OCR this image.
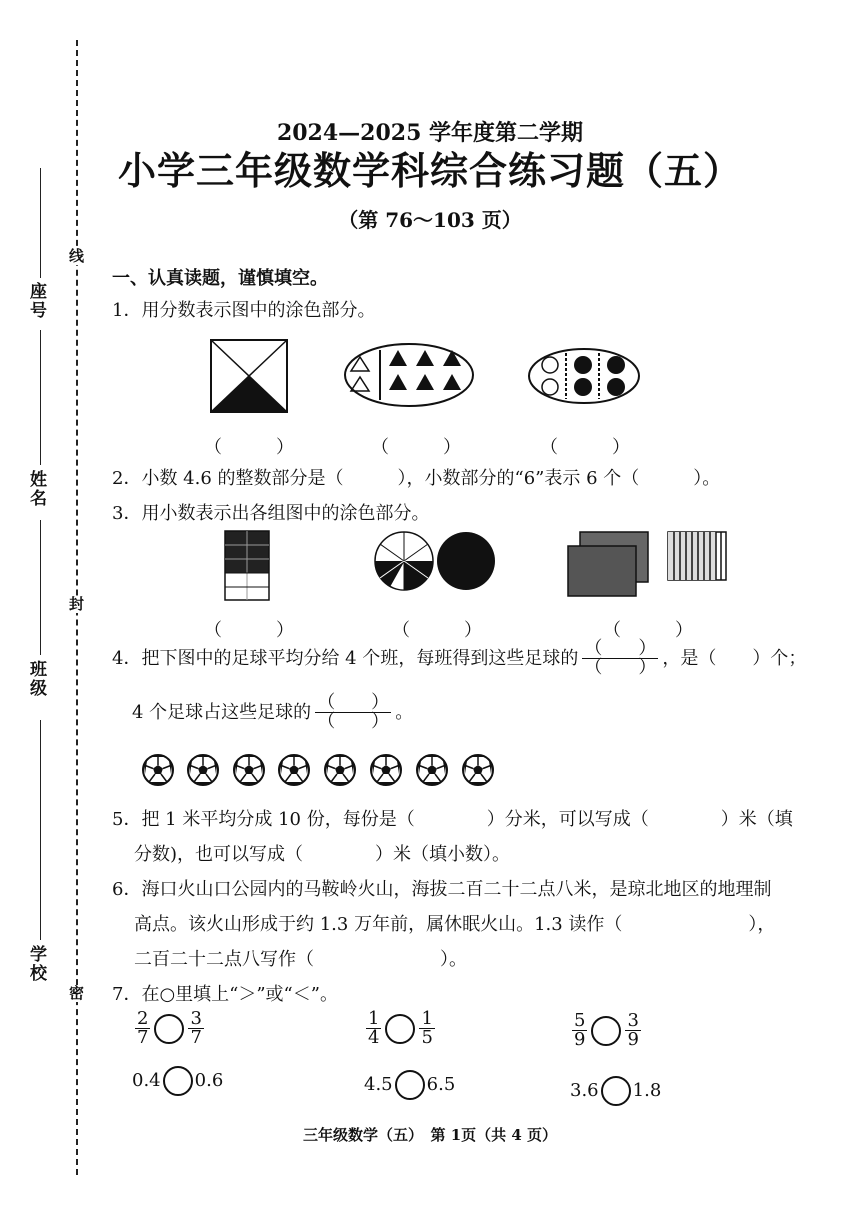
座号
姓名
班级
学校
线
封
密
2024—2025 学年度第二学期
小学三年级数学科综合练习题（五）
（第 76～103 页）
一、认真读题，谨慎填空。
1．用分数表示图中的涂色部分。
（　　　）	（　　　）	（　　　）
2．小数 4.6 的整数部分是（　　　），小数部分的“6”表示 6 个（　　　）。
3．用小数表示出各组图中的涂色部分。
（　　　）	（　　　）	（　　　）
4．把下图中的足球平均分给 4 个班，每班得到这些足球的 $\frac{( )}{( )}$ ，是（　　）个；
4 个足球占这些足球的 $\frac{( )}{( )}$ 。
5．把 1 米平均分成 10 份，每份是（　　　　）分米，可以写成（　　　　）米（填
分数)，也可以写成（　　　　）米（填小数）。
6．海口火山口公园内的马鞍岭火山，海拔二百二十二点八米，是琼北地区的地理制
高点。该火山形成于约 1.3 万年前，属休眠火山。1.3 读作（　　　　　　　），
二百二十二点八写作（　　　　　　　）。
7．在○里填上“＞”或“＜”。
$\frac{2}{7} \frac{3}{7}$	$\frac{1}{4} \frac{1}{5}$	$\frac{5}{9} \frac{3}{9}$
0.4 0.6	4.5 6.5	3.6 1.8
三年级数学（五）　第 1页（共 4 页）
